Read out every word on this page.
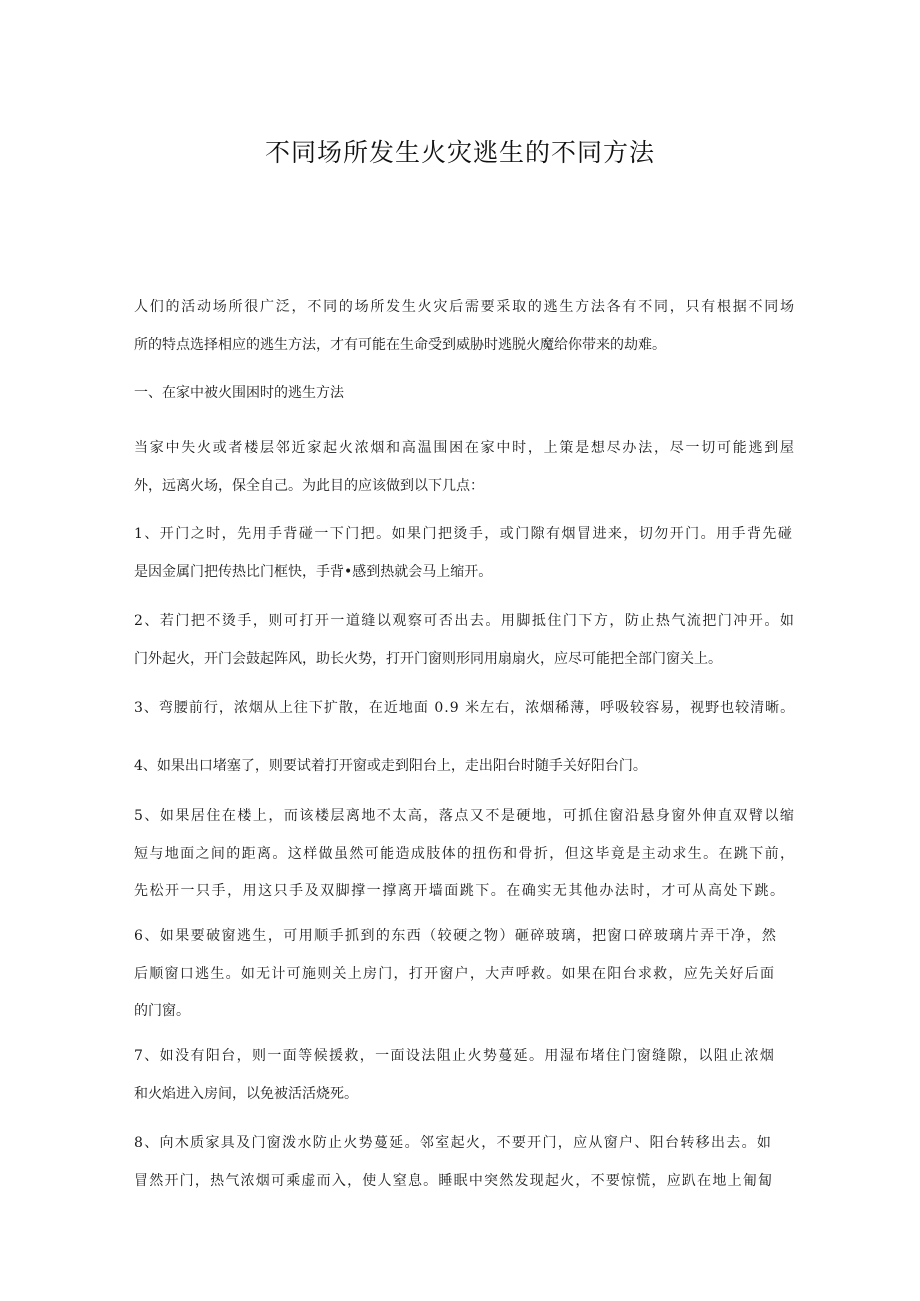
不同场所发生火灾逃生的不同方法
人们的活动场所很广泛，不同的场所发生火灾后需要采取的逃生方法各有不同，只有根据不同场
所的特点选择相应的逃生方法，才有可能在生命受到威胁时逃脱火魔给你带来的劫难。
一、在家中被火围困时的逃生方法
当家中失火或者楼层邻近家起火浓烟和高温围困在家中时，上策是想尽办法，尽一切可能逃到屋
外，远离火场，保全自己。为此目的应该做到以下几点：
1、开门之时，先用手背碰一下门把。如果门把烫手，或门隙有烟冒进来，切勿开门。用手背先碰
是因金属门把传热比门框快，手背•感到热就会马上缩开。
2、若门把不烫手，则可打开一道缝以观察可否出去。用脚抵住门下方，防止热气流把门冲开。如
门外起火，开门会鼓起阵风，助长火势，打开门窗则形同用扇扇火，应尽可能把全部门窗关上。
3、弯腰前行，浓烟从上往下扩散，在近地面 0.9 米左右，浓烟稀薄，呼吸较容易，视野也较清晰。
4、如果出口堵塞了，则要试着打开窗或走到阳台上，走出阳台时随手关好阳台门。
5、如果居住在楼上，而该楼层离地不太高，落点又不是硬地，可抓住窗沿悬身窗外伸直双臂以缩
短与地面之间的距离。这样做虽然可能造成肢体的扭伤和骨折，但这毕竟是主动求生。在跳下前，
先松开一只手，用这只手及双脚撑一撑离开墙面跳下。在确实无其他办法时，才可从高处下跳。
6、如果要破窗逃生，可用顺手抓到的东西（较硬之物）砸碎玻璃，把窗口碎玻璃片弄干净，然
后顺窗口逃生。如无计可施则关上房门，打开窗户，大声呼救。如果在阳台求救，应先关好后面
的门窗。
7、如没有阳台，则一面等候援救，一面设法阻止火势蔓延。用湿布堵住门窗缝隙，以阻止浓烟
和火焰进入房间，以免被活活烧死。
8、向木质家具及门窗泼水防止火势蔓延。邻室起火，不要开门，应从窗户、阳台转移出去。如
冒然开门，热气浓烟可乘虚而入，使人窒息。睡眠中突然发现起火，不要惊慌，应趴在地上匍匐
